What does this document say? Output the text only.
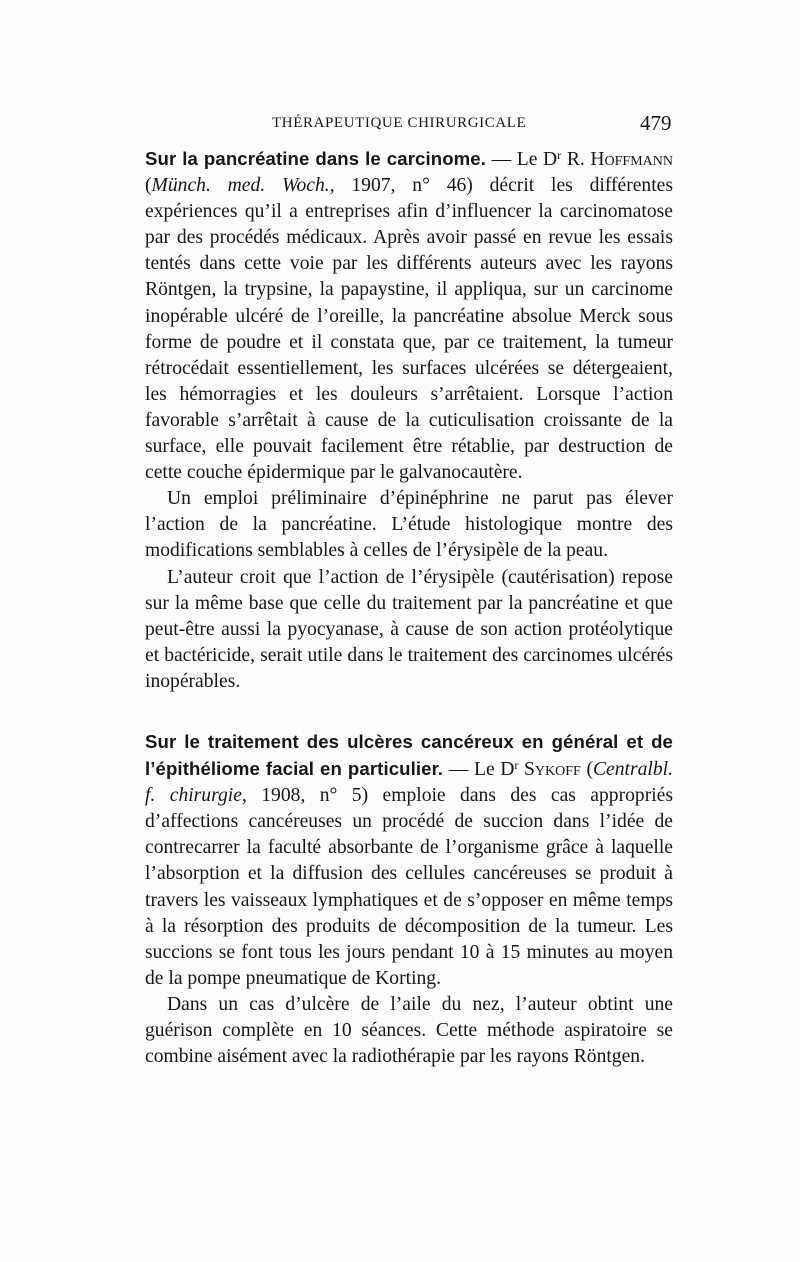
THÉRAPEUTIQUE CHIRURGICALE	479

Sur la pancréatine dans le carcinome. — Le $D^r$ R. Hoffmann (Münch. med. Woch., 1907, n° 46) décrit les différentes expériences qu’il a entreprises afin d’influencer la carcinomatose par des procédés médicaux. Après avoir passé en revue les essais tentés dans cette voie par les différents auteurs avec les rayons Röntgen, la trypsine, la papaystine, il appliqua, sur un carcinome inopérable ulcéré de l’oreille, la pancréatine absolue Merck sous forme de poudre et il constata que, par ce traitement, la tumeur rétrocédait essentiellement, les surfaces ulcérées se détergeaient, les hémorragies et les douleurs s’arrêtaient. Lorsque l’action favorable s’arrêtait à cause de la cuticulisation croissante de la surface, elle pouvait facilement être rétablie, par destruction de cette couche épidermique par le galvanocautère.

Un emploi préliminaire d’épinéphrine ne parut pas élever l’action de la pancréatine. L’étude histologique montre des modifications semblables à celles de l’érysipèle de la peau.

L’auteur croit que l’action de l’érysipèle (cautérisation) repose sur la même base que celle du traitement par la pancréatine et que peut-être aussi la pyocyanase, à cause de son action protéolytique et bactéricide, serait utile dans le traitement des carcinomes ulcérés inopérables.

Sur le traitement des ulcères cancéreux en général et de l’épithéliome facial en particulier. — Le $D^r$ Sykoff (Centralbl. f. chirurgie, 1908, n° 5) emploie dans des cas appropriés d’affections cancéreuses un procédé de succion dans l’idée de contrecarrer la faculté absorbante de l’organisme grâce à laquelle l’absorption et la diffusion des cellules cancéreuses se produit à travers les vaisseaux lymphatiques et de s’opposer en même temps à la résorption des produits de décomposition de la tumeur. Les succions se font tous les jours pendant 10 à 15 minutes au moyen de la pompe pneumatique de Korting.

Dans un cas d’ulcère de l’aile du nez, l’auteur obtint une guérison complète en 10 séances. Cette méthode aspiratoire se combine aisément avec la radiothérapie par les rayons Röntgen.
